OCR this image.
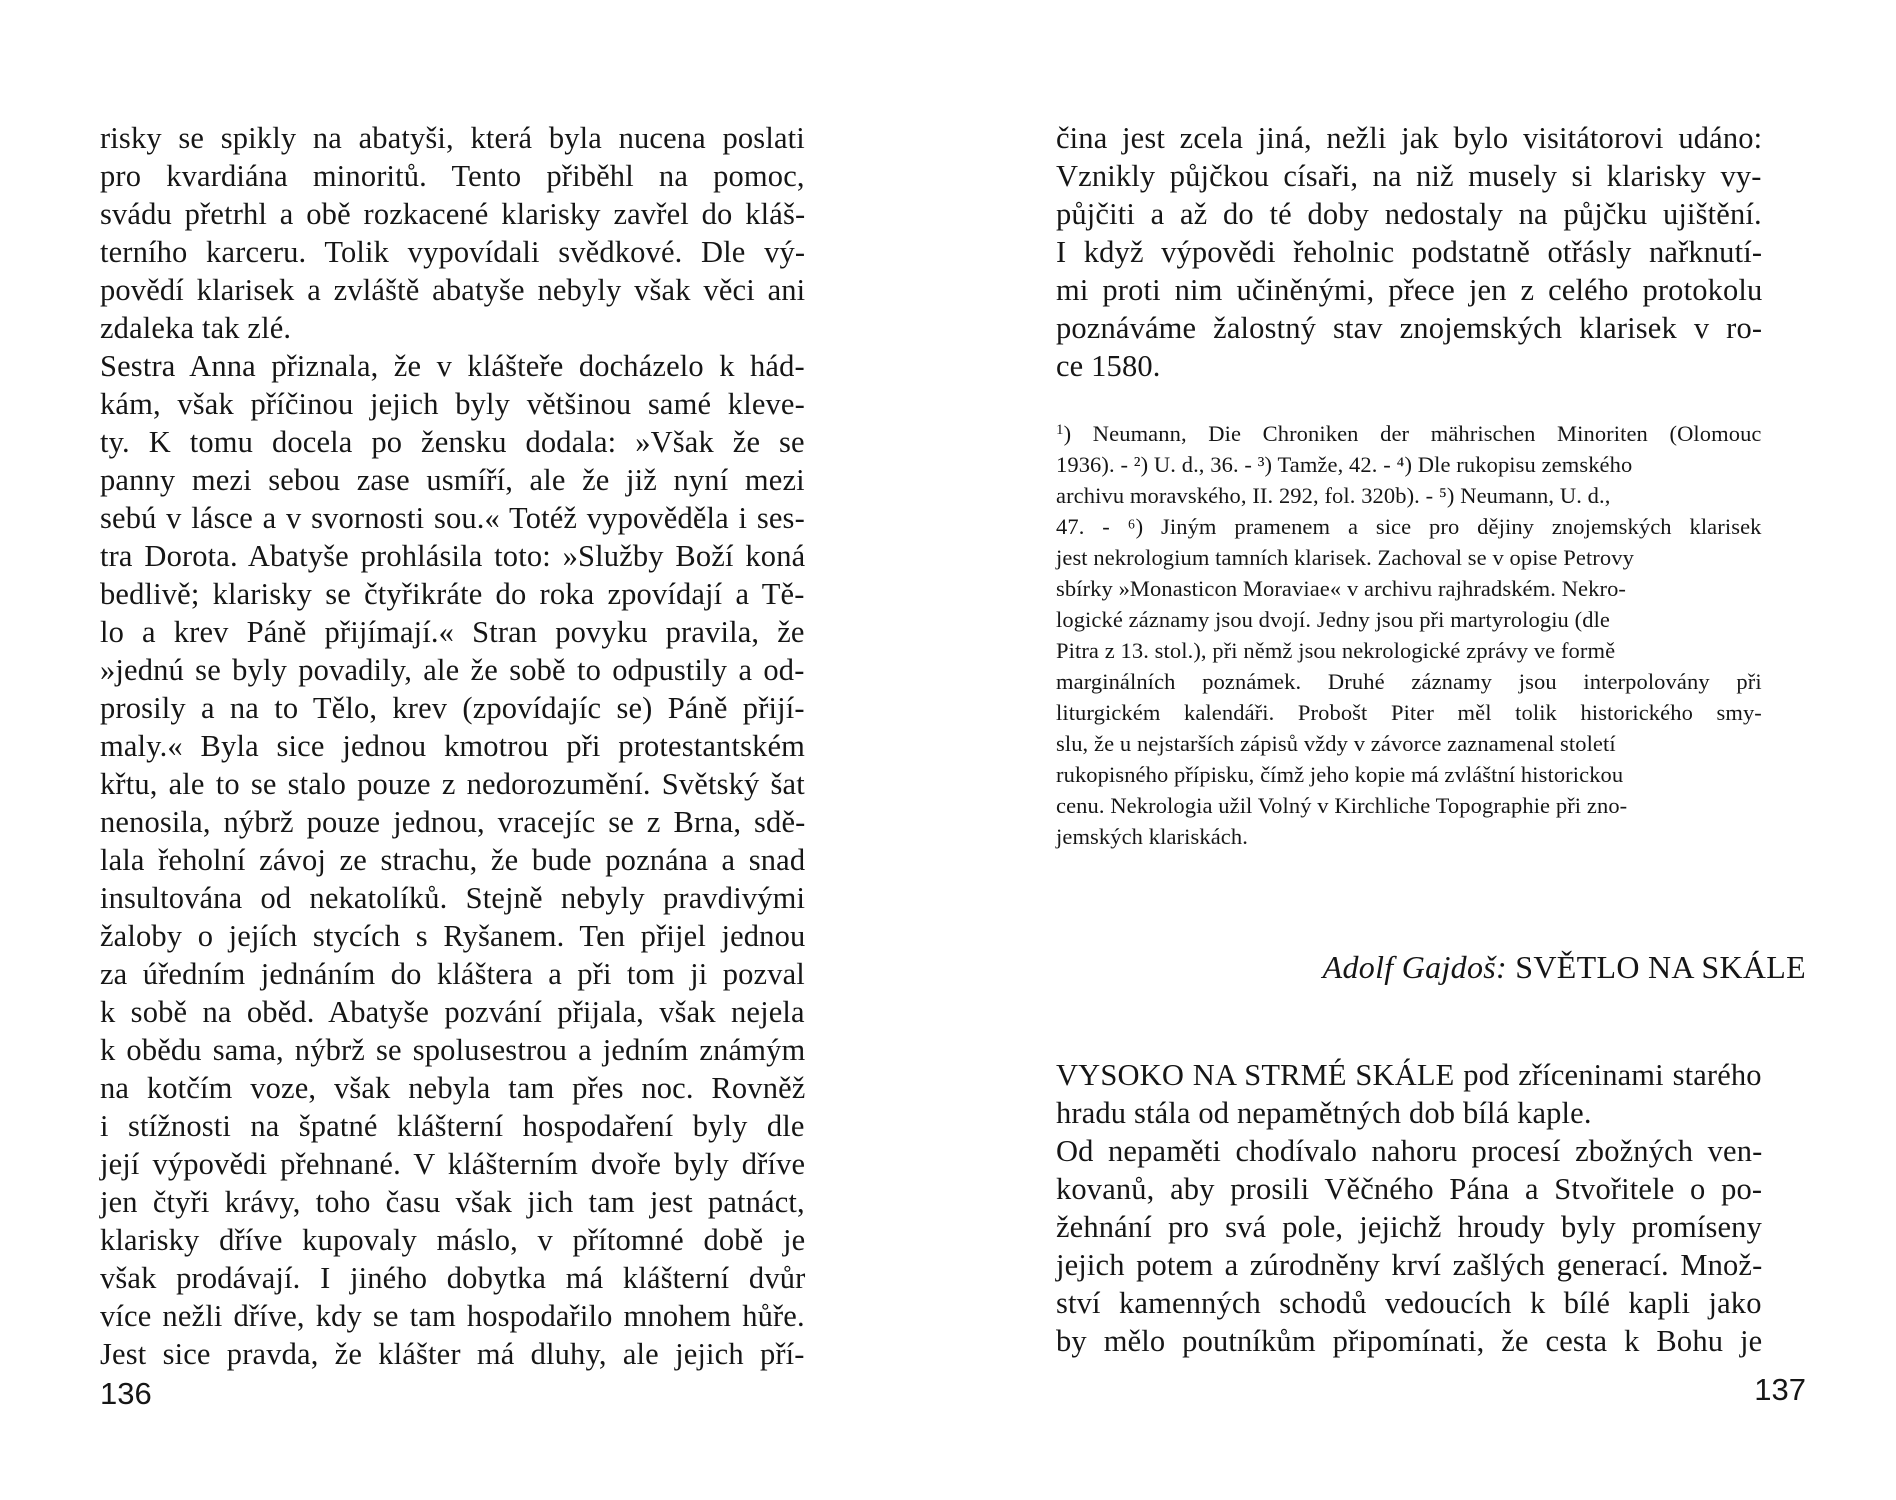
risky se spikly na abatyši, která byla nucena poslati
pro kvardiána minoritů. Tento přiběhl na pomoc,
svádu přetrhl a obě rozkacené klarisky zavřel do kláš-
terního karceru. Tolik vypovídali svědkové. Dle vý-
povědí klarisek a zvláště abatyše nebyly však věci ani
zdaleka tak zlé.
Sestra Anna přiznala, že v klášteře docházelo k hád-
kám, však příčinou jejich byly většinou samé kleve-
ty. K tomu docela po žensku dodala: »Však že se
panny mezi sebou zase usmíří, ale že již nyní mezi
sebú v lásce a v svornosti sou.« Totéž vypověděla i ses-
tra Dorota. Abatyše prohlásila toto: »Služby Boží koná
bedlivě; klarisky se čtyřikráte do roka zpovídají a Tě-
lo a krev Páně přijímají.« Stran povyku pravila, že
»jednú se byly povadily, ale že sobě to odpustily a od-
prosily a na to Tělo, krev (zpovídajíc se) Páně přijí-
maly.« Byla sice jednou kmotrou při protestantském
křtu, ale to se stalo pouze z nedorozumění. Světský šat
nenosila, nýbrž pouze jednou, vracejíc se z Brna, sdě-
lala řeholní závoj ze strachu, že bude poznána a snad
insultována od nekatolíků. Stejně nebyly pravdivými
žaloby o jejích stycích s Ryšanem. Ten přijel jednou
za úředním jednáním do kláštera a při tom ji pozval
k sobě na oběd. Abatyše pozvání přijala, však nejela
k obědu sama, nýbrž se spolusestrou a jedním známým
na kotčím voze, však nebyla tam přes noc. Rovněž
i stížnosti na špatné klášterní hospodaření byly dle
její výpovědi přehnané. V klášterním dvoře byly dříve
jen čtyři krávy, toho času však jich tam jest patnáct,
klarisky dříve kupovaly máslo, v přítomné době je
však prodávají. I jiného dobytka má klášterní dvůr
více nežli dříve, kdy se tam hospodařilo mnohem hůře.
Jest sice pravda, že klášter má dluhy, ale jejich pří-
136
čina jest zcela jiná, nežli jak bylo visitátorovi udáno:
Vznikly půjčkou císaři, na niž musely si klarisky vy-
půjčiti a až do té doby nedostaly na půjčku ujištění.
I když výpovědi řeholnic podstatně otřásly nařknutí-
mi proti nim učiněnými, přece jen z celého protokolu
poznáváme žalostný stav znojemských klarisek v ro-
ce 1580.
$^1$) Neumann, Die Chroniken der mährischen Minoriten (Olomouc
1936). - ²) U. d., 36. - ³) Tamže, 42. - ⁴) Dle rukopisu zemského
archivu moravského, II. 292, fol. 320b). - ⁵) Neumann, U. d.,
47. - ⁶) Jiným pramenem a sice pro dějiny znojemských klarisek
jest nekrologium tamních klarisek. Zachoval se v opise Petrovy
sbírky »Monasticon Moraviae« v archivu rajhradském. Nekro-
logické záznamy jsou dvojí. Jedny jsou při martyrologiu (dle
Pitra z 13. stol.), při němž jsou nekrologické zprávy ve formě
marginálních poznámek. Druhé záznamy jsou interpolovány při
liturgickém kalendáři. Probošt Piter měl tolik historického smy-
slu, že u nejstarších zápisů vždy v závorce zaznamenal století
rukopisného přípisku, čímž jeho kopie má zvláštní historickou
cenu. Nekrologia užil Volný v Kirchliche Topographie při zno-
jemských klariskách.
Adolf Gajdoš: SVĚTLO NA SKÁLE
VYSOKO NA STRMÉ SKÁLE pod zříceninami starého
hradu stála od nepamětných dob bílá kaple.
Od nepaměti chodívalo nahoru procesí zbožných ven-
kovanů, aby prosili Věčného Pána a Stvořitele o po-
žehnání pro svá pole, jejichž hroudy byly promíseny
jejich potem a zúrodněny krví zašlých generací. Množ-
ství kamenných schodů vedoucích k bílé kapli jako
by mělo poutníkům připomínati, že cesta k Bohu je
137
